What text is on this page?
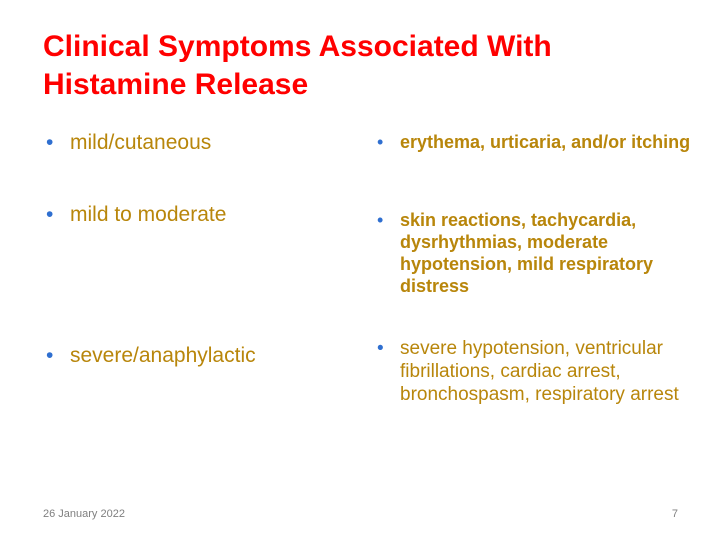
Clinical Symptoms Associated With Histamine Release
• mild/cutaneous	• erythema, urticaria, and/or itching
• mild to moderate	• skin reactions, tachycardia, dysrhythmias, moderate hypotension, mild respiratory distress
• severe/anaphylactic	• severe hypotension, ventricular fibrillations, cardiac arrest, bronchospasm, respiratory arrest
26 January 2022	7
